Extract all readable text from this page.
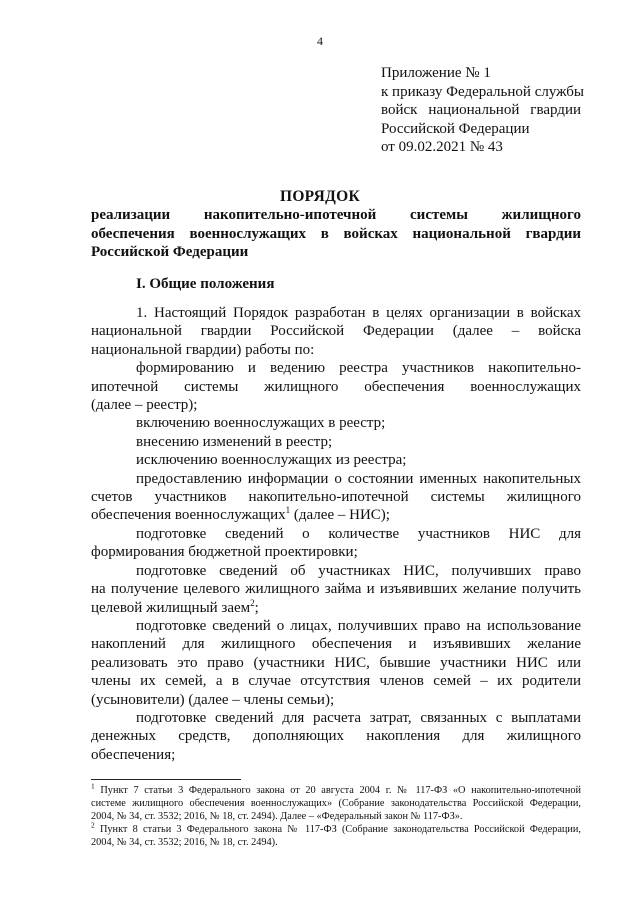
4
Приложение № 1
к приказу Федеральной службы
войск национальной гвардии
Российской Федерации
от 09.02.2021 № 43
ПОРЯДОК
реализации накопительно-ипотечной системы жилищного
обеспечения военнослужащих в войсках национальной гвардии
Российской Федерации
I. Общие положения
1. Настоящий Порядок разработан в целях организации в войсках
национальной гвардии Российской Федерации (далее – войска
национальной гвардии) работы по:
формированию и ведению реестра участников накопительно-
ипотечной системы жилищного обеспечения военнослужащих
(далее – реестр);
включению военнослужащих в реестр;
внесению изменений в реестр;
исключению военнослужащих из реестра;
предоставлению информации о состоянии именных накопительных
счетов участников накопительно-ипотечной системы жилищного
обеспечения военнослужащих$^1$ (далее – НИС);
подготовке сведений о количестве участников НИС для
формирования бюджетной проектировки;
подготовке сведений об участниках НИС, получивших право
на получение целевого жилищного займа и изъявивших желание получить
целевой жилищный заем$^2$;
подготовке сведений о лицах, получивших право на использование
накоплений для жилищного обеспечения и изъявивших желание
реализовать это право (участники НИС, бывшие участники НИС или
члены их семей, а в случае отсутствия членов семей – их родители
(усыновители) (далее – члены семьи);
подготовке сведений для расчета затрат, связанных с выплатами
денежных средств, дополняющих накопления для жилищного
обеспечения;
$^1$ Пункт 7 статьи 3 Федерального закона от 20 августа 2004 г. № 117-ФЗ «О накопительно-ипотечной
системе жилищного обеспечения военнослужащих» (Собрание законодательства Российской Федерации,
2004, № 34, ст. 3532; 2016, № 18, ст. 2494). Далее – «Федеральный закон № 117-ФЗ».
$^2$ Пункт 8 статьи 3 Федерального закона № 117-ФЗ (Собрание законодательства Российской Федерации,
2004, № 34, ст. 3532; 2016, № 18, ст. 2494).
